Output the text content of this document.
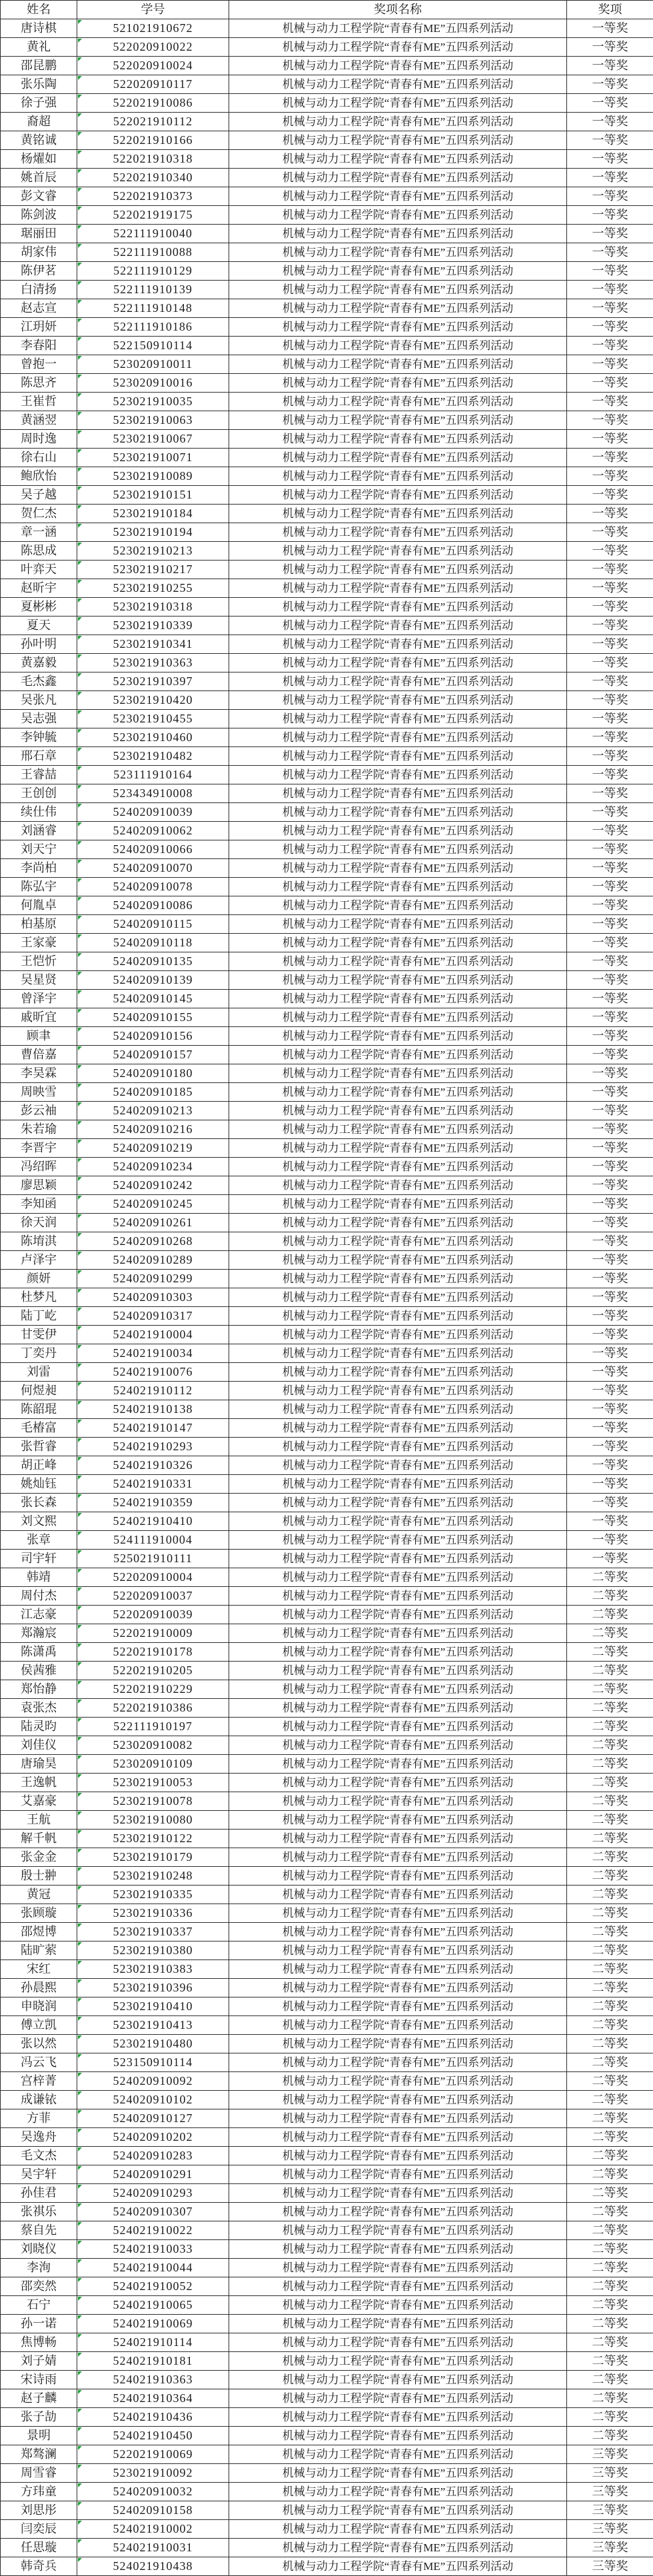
姓名	学号	奖项名称	奖项
唐诗棋	521021910672	机械与动力工程学院“青春有ME”五四系列活动	一等奖
黄礼	522020910022	机械与动力工程学院“青春有ME”五四系列活动	一等奖
邵昆鹏	522020910024	机械与动力工程学院“青春有ME”五四系列活动	一等奖
张乐陶	522020910117	机械与动力工程学院“青春有ME”五四系列活动	一等奖
徐子强	522021910086	机械与动力工程学院“青春有ME”五四系列活动	一等奖
裔超	522021910112	机械与动力工程学院“青春有ME”五四系列活动	一等奖
黄铭诚	522021910166	机械与动力工程学院“青春有ME”五四系列活动	一等奖
杨燿如	522021910318	机械与动力工程学院“青春有ME”五四系列活动	一等奖
姚首辰	522021910340	机械与动力工程学院“青春有ME”五四系列活动	一等奖
彭文睿	522021910373	机械与动力工程学院“青春有ME”五四系列活动	一等奖
陈剑波	522021919175	机械与动力工程学院“青春有ME”五四系列活动	一等奖
琚丽田	522111910040	机械与动力工程学院“青春有ME”五四系列活动	一等奖
胡家伟	522111910088	机械与动力工程学院“青春有ME”五四系列活动	一等奖
陈伊茗	522111910129	机械与动力工程学院“青春有ME”五四系列活动	一等奖
白清扬	522111910139	机械与动力工程学院“青春有ME”五四系列活动	一等奖
赵志宣	522111910148	机械与动力工程学院“青春有ME”五四系列活动	一等奖
江玥妍	522111910186	机械与动力工程学院“青春有ME”五四系列活动	一等奖
李春阳	522150910114	机械与动力工程学院“青春有ME”五四系列活动	一等奖
曾抱一	523020910011	机械与动力工程学院“青春有ME”五四系列活动	一等奖
陈思齐	523020910016	机械与动力工程学院“青春有ME”五四系列活动	一等奖
王崔哲	523021910035	机械与动力工程学院“青春有ME”五四系列活动	一等奖
黄涵翌	523021910063	机械与动力工程学院“青春有ME”五四系列活动	一等奖
周时逸	523021910067	机械与动力工程学院“青春有ME”五四系列活动	一等奖
徐右山	523021910071	机械与动力工程学院“青春有ME”五四系列活动	一等奖
鲍欣怡	523021910089	机械与动力工程学院“青春有ME”五四系列活动	一等奖
吴子越	523021910151	机械与动力工程学院“青春有ME”五四系列活动	一等奖
贺仁杰	523021910184	机械与动力工程学院“青春有ME”五四系列活动	一等奖
章一涵	523021910194	机械与动力工程学院“青春有ME”五四系列活动	一等奖
陈思成	523021910213	机械与动力工程学院“青春有ME”五四系列活动	一等奖
叶弈天	523021910217	机械与动力工程学院“青春有ME”五四系列活动	一等奖
赵昕宇	523021910255	机械与动力工程学院“青春有ME”五四系列活动	一等奖
夏彬彬	523021910318	机械与动力工程学院“青春有ME”五四系列活动	一等奖
夏天	523021910339	机械与动力工程学院“青春有ME”五四系列活动	一等奖
孙叶明	523021910341	机械与动力工程学院“青春有ME”五四系列活动	一等奖
黄嘉毅	523021910363	机械与动力工程学院“青春有ME”五四系列活动	一等奖
毛杰鑫	523021910397	机械与动力工程学院“青春有ME”五四系列活动	一等奖
吴张凡	523021910420	机械与动力工程学院“青春有ME”五四系列活动	一等奖
吴志强	523021910455	机械与动力工程学院“青春有ME”五四系列活动	一等奖
李钟毓	523021910460	机械与动力工程学院“青春有ME”五四系列活动	一等奖
邢石章	523021910482	机械与动力工程学院“青春有ME”五四系列活动	一等奖
王睿喆	523111910164	机械与动力工程学院“青春有ME”五四系列活动	一等奖
王创创	523434910008	机械与动力工程学院“青春有ME”五四系列活动	一等奖
续仕伟	524020910039	机械与动力工程学院“青春有ME”五四系列活动	一等奖
刘涵睿	524020910062	机械与动力工程学院“青春有ME”五四系列活动	一等奖
刘天宁	524020910066	机械与动力工程学院“青春有ME”五四系列活动	一等奖
李尚柏	524020910070	机械与动力工程学院“青春有ME”五四系列活动	一等奖
陈弘宇	524020910078	机械与动力工程学院“青春有ME”五四系列活动	一等奖
何胤卓	524020910086	机械与动力工程学院“青春有ME”五四系列活动	一等奖
柏基原	524020910115	机械与动力工程学院“青春有ME”五四系列活动	一等奖
王家豪	524020910118	机械与动力工程学院“青春有ME”五四系列活动	一等奖
王恺忻	524020910135	机械与动力工程学院“青春有ME”五四系列活动	一等奖
吴星贤	524020910139	机械与动力工程学院“青春有ME”五四系列活动	一等奖
曾泽宇	524020910145	机械与动力工程学院“青春有ME”五四系列活动	一等奖
戚昕宜	524020910155	机械与动力工程学院“青春有ME”五四系列活动	一等奖
顾聿	524020910156	机械与动力工程学院“青春有ME”五四系列活动	一等奖
曹倍嘉	524020910157	机械与动力工程学院“青春有ME”五四系列活动	一等奖
李昊霖	524020910180	机械与动力工程学院“青春有ME”五四系列活动	一等奖
周映雪	524020910185	机械与动力工程学院“青春有ME”五四系列活动	一等奖
彭云袖	524020910213	机械与动力工程学院“青春有ME”五四系列活动	一等奖
朱若瑜	524020910216	机械与动力工程学院“青春有ME”五四系列活动	一等奖
李晋宇	524020910219	机械与动力工程学院“青春有ME”五四系列活动	一等奖
冯绍晖	524020910234	机械与动力工程学院“青春有ME”五四系列活动	一等奖
廖思颖	524020910242	机械与动力工程学院“青春有ME”五四系列活动	一等奖
李知函	524020910245	机械与动力工程学院“青春有ME”五四系列活动	一等奖
徐天润	524020910261	机械与动力工程学院“青春有ME”五四系列活动	一等奖
陈堉淇	524020910268	机械与动力工程学院“青春有ME”五四系列活动	一等奖
卢泽宇	524020910289	机械与动力工程学院“青春有ME”五四系列活动	一等奖
颜妍	524020910299	机械与动力工程学院“青春有ME”五四系列活动	一等奖
杜梦凡	524020910303	机械与动力工程学院“青春有ME”五四系列活动	一等奖
陆丁屹	524020910317	机械与动力工程学院“青春有ME”五四系列活动	一等奖
甘雯伊	524021910004	机械与动力工程学院“青春有ME”五四系列活动	一等奖
丁奕丹	524021910034	机械与动力工程学院“青春有ME”五四系列活动	一等奖
刘雷	524021910076	机械与动力工程学院“青春有ME”五四系列活动	一等奖
何煜昶	524021910112	机械与动力工程学院“青春有ME”五四系列活动	一等奖
陈韶琨	524021910138	机械与动力工程学院“青春有ME”五四系列活动	一等奖
毛椿富	524021910147	机械与动力工程学院“青春有ME”五四系列活动	一等奖
张哲睿	524021910293	机械与动力工程学院“青春有ME”五四系列活动	一等奖
胡正峰	524021910326	机械与动力工程学院“青春有ME”五四系列活动	一等奖
姚灿钰	524021910331	机械与动力工程学院“青春有ME”五四系列活动	一等奖
张长森	524021910359	机械与动力工程学院“青春有ME”五四系列活动	一等奖
刘文熙	524021910410	机械与动力工程学院“青春有ME”五四系列活动	一等奖
张章	524111910004	机械与动力工程学院“青春有ME”五四系列活动	一等奖
司宇轩	525021910111	机械与动力工程学院“青春有ME”五四系列活动	一等奖
韩靖	522020910004	机械与动力工程学院“青春有ME”五四系列活动	二等奖
周付杰	522020910037	机械与动力工程学院“青春有ME”五四系列活动	二等奖
江志豪	522020910039	机械与动力工程学院“青春有ME”五四系列活动	二等奖
郑瀚宸	522021910009	机械与动力工程学院“青春有ME”五四系列活动	二等奖
陈潇禹	522021910178	机械与动力工程学院“青春有ME”五四系列活动	二等奖
侯茜雅	522021910205	机械与动力工程学院“青春有ME”五四系列活动	二等奖
郑怡静	522021910229	机械与动力工程学院“青春有ME”五四系列活动	二等奖
袁张杰	522021910386	机械与动力工程学院“青春有ME”五四系列活动	二等奖
陆灵昀	522111910197	机械与动力工程学院“青春有ME”五四系列活动	二等奖
刘佳仪	523020910082	机械与动力工程学院“青春有ME”五四系列活动	二等奖
唐瑜昊	523020910109	机械与动力工程学院“青春有ME”五四系列活动	二等奖
王逸帆	523021910053	机械与动力工程学院“青春有ME”五四系列活动	二等奖
艾嘉豪	523021910078	机械与动力工程学院“青春有ME”五四系列活动	二等奖
王航	523021910080	机械与动力工程学院“青春有ME”五四系列活动	二等奖
解千帆	523021910122	机械与动力工程学院“青春有ME”五四系列活动	二等奖
张金金	523021910179	机械与动力工程学院“青春有ME”五四系列活动	二等奖
殷士翀	523021910248	机械与动力工程学院“青春有ME”五四系列活动	二等奖
黄冠	523021910335	机械与动力工程学院“青春有ME”五四系列活动	二等奖
张顾璇	523021910336	机械与动力工程学院“青春有ME”五四系列活动	二等奖
邵煜博	523021910337	机械与动力工程学院“青春有ME”五四系列活动	二等奖
陆旷萦	523021910380	机械与动力工程学院“青春有ME”五四系列活动	二等奖
宋红	523021910383	机械与动力工程学院“青春有ME”五四系列活动	二等奖
孙晨熙	523021910396	机械与动力工程学院“青春有ME”五四系列活动	二等奖
申晓润	523021910410	机械与动力工程学院“青春有ME”五四系列活动	二等奖
傅立凯	523021910413	机械与动力工程学院“青春有ME”五四系列活动	二等奖
张以然	523021910480	机械与动力工程学院“青春有ME”五四系列活动	二等奖
冯云飞	523150910114	机械与动力工程学院“青春有ME”五四系列活动	二等奖
宫梓菁	524020910092	机械与动力工程学院“青春有ME”五四系列活动	二等奖
成谦铱	524020910102	机械与动力工程学院“青春有ME”五四系列活动	二等奖
方菲	524020910127	机械与动力工程学院“青春有ME”五四系列活动	二等奖
吴逸舟	524020910202	机械与动力工程学院“青春有ME”五四系列活动	二等奖
毛文杰	524020910283	机械与动力工程学院“青春有ME”五四系列活动	二等奖
吴宇轩	524020910291	机械与动力工程学院“青春有ME”五四系列活动	二等奖
孙佳君	524020910293	机械与动力工程学院“青春有ME”五四系列活动	二等奖
张祺乐	524020910307	机械与动力工程学院“青春有ME”五四系列活动	二等奖
蔡自先	524021910022	机械与动力工程学院“青春有ME”五四系列活动	二等奖
刘晓仪	524021910033	机械与动力工程学院“青春有ME”五四系列活动	二等奖
李洵	524021910044	机械与动力工程学院“青春有ME”五四系列活动	二等奖
邵奕然	524021910052	机械与动力工程学院“青春有ME”五四系列活动	二等奖
石宁	524021910065	机械与动力工程学院“青春有ME”五四系列活动	二等奖
孙一诺	524021910069	机械与动力工程学院“青春有ME”五四系列活动	二等奖
焦博畅	524021910114	机械与动力工程学院“青春有ME”五四系列活动	二等奖
刘子婧	524021910181	机械与动力工程学院“青春有ME”五四系列活动	二等奖
宋诗雨	524021910363	机械与动力工程学院“青春有ME”五四系列活动	二等奖
赵子麟	524021910364	机械与动力工程学院“青春有ME”五四系列活动	二等奖
张子劼	524021910436	机械与动力工程学院“青春有ME”五四系列活动	二等奖
景明	524021910450	机械与动力工程学院“青春有ME”五四系列活动	二等奖
郑骜澜	522021910069	机械与动力工程学院“青春有ME”五四系列活动	三等奖
周雪睿	523021910092	机械与动力工程学院“青春有ME”五四系列活动	三等奖
方玮童	524020910032	机械与动力工程学院“青春有ME”五四系列活动	三等奖
刘思彤	524020910158	机械与动力工程学院“青春有ME”五四系列活动	三等奖
闫奕辰	524021910002	机械与动力工程学院“青春有ME”五四系列活动	三等奖
任思璇	524021910031	机械与动力工程学院“青春有ME”五四系列活动	三等奖
韩奇兵	524021910438	机械与动力工程学院“青春有ME”五四系列活动	三等奖
